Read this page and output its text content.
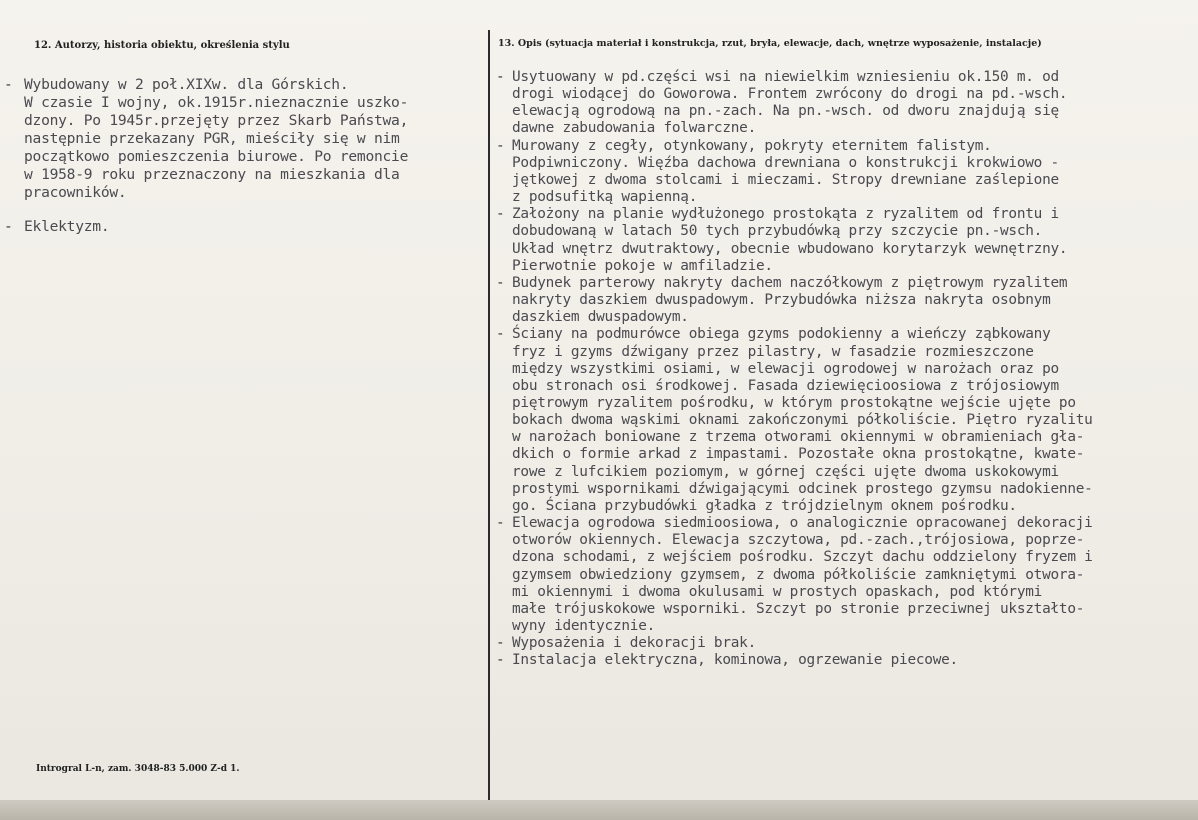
12. Autorzy, historia obiektu, określenia stylu	13. Opis (sytuacja materiał i konstrukcja, rzut, bryła, elewacje, dach, wnętrze wyposażenie, instalacje)
- Wybudowany w 2 poł.XIXw. dla Górskich.
W czasie I wojny, ok.1915r.nieznacznie uszko-
dzony. Po 1945r.przejęty przez Skarb Państwa,
następnie przekazany PGR, mieściły się w nim
początkowo pomieszczenia biurowe. Po remoncie
w 1958-9 roku przeznaczony na mieszkania dla
pracowników.
- Eklektyzm.
- Usytuowany w pd.części wsi na niewielkim wzniesieniu ok.150 m. od
drogi wiodącej do Goworowa. Frontem zwrócony do drogi na pd.-wsch.
elewacją ogrodową na pn.-zach. Na pn.-wsch. od dworu znajdują się
dawne zabudowania folwarczne.
- Murowany z cegły, otynkowany, pokryty eternitem falistym.
Podpiwniczony. Więźba dachowa drewniana o konstrukcji krokwiowo -
jętkowej z dwoma stolcami i mieczami. Stropy drewniane zaślepione
z podsufitką wapienną.
- Założony na planie wydłużonego prostokąta z ryzalitem od frontu i
dobudowaną w latach 50 tych przybudówką przy szczycie pn.-wsch.
Układ wnętrz dwutraktowy, obecnie wbudowano korytarzyk wewnętrzny.
Pierwotnie pokoje w amfiladzie.
- Budynek parterowy nakryty dachem naczółkowym z piętrowym ryzalitem
nakryty daszkiem dwuspadowym. Przybudówka niższa nakryta osobnym
daszkiem dwuspadowym.
- Ściany na podmurówce obiega gzyms podokienny a wieńczy ząbkowany
fryz i gzyms dźwigany przez pilastry, w fasadzie rozmieszczone
między wszystkimi osiami, w elewacji ogrodowej w narożach oraz po
obu stronach osi środkowej. Fasada dziewięcioosiowa z trójosiowym
piętrowym ryzalitem pośrodku, w którym prostokątne wejście ujęte po
bokach dwoma wąskimi oknami zakończonymi półkoliście. Piętro ryzalitu
w narożach boniowane z trzema otworami okiennymi w obramieniach gła-
dkich o formie arkad z impastami. Pozostałe okna prostokątne, kwate-
rowe z lufcikiem poziomym, w górnej części ujęte dwoma uskokowymi
prostymi wspornikami dźwigającymi odcinek prostego gzymsu nadokienne-
go. Ściana przybudówki gładka z trójdzielnym oknem pośrodku.
- Elewacja ogrodowa siedmioosiowa, o analogicznie opracowanej dekoracji
otworów okiennych. Elewacja szczytowa, pd.-zach.,trójosiowa, poprze-
dzona schodami, z wejściem pośrodku. Szczyt dachu oddzielony fryzem i
gzymsem obwiedziony gzymsem, z dwoma półkoliście zamkniętymi otwora-
mi okiennymi i dwoma okulusami w prostych opaskach, pod którymi
małe trójuskokowe wsporniki. Szczyt po stronie przeciwnej ukształto-
wyny identycznie.
- Wyposażenia i dekoracji brak.
- Instalacja elektryczna, kominowa, ogrzewanie piecowe.
Introgral L-n, zam. 3048-83 5.000 Z-d 1.
